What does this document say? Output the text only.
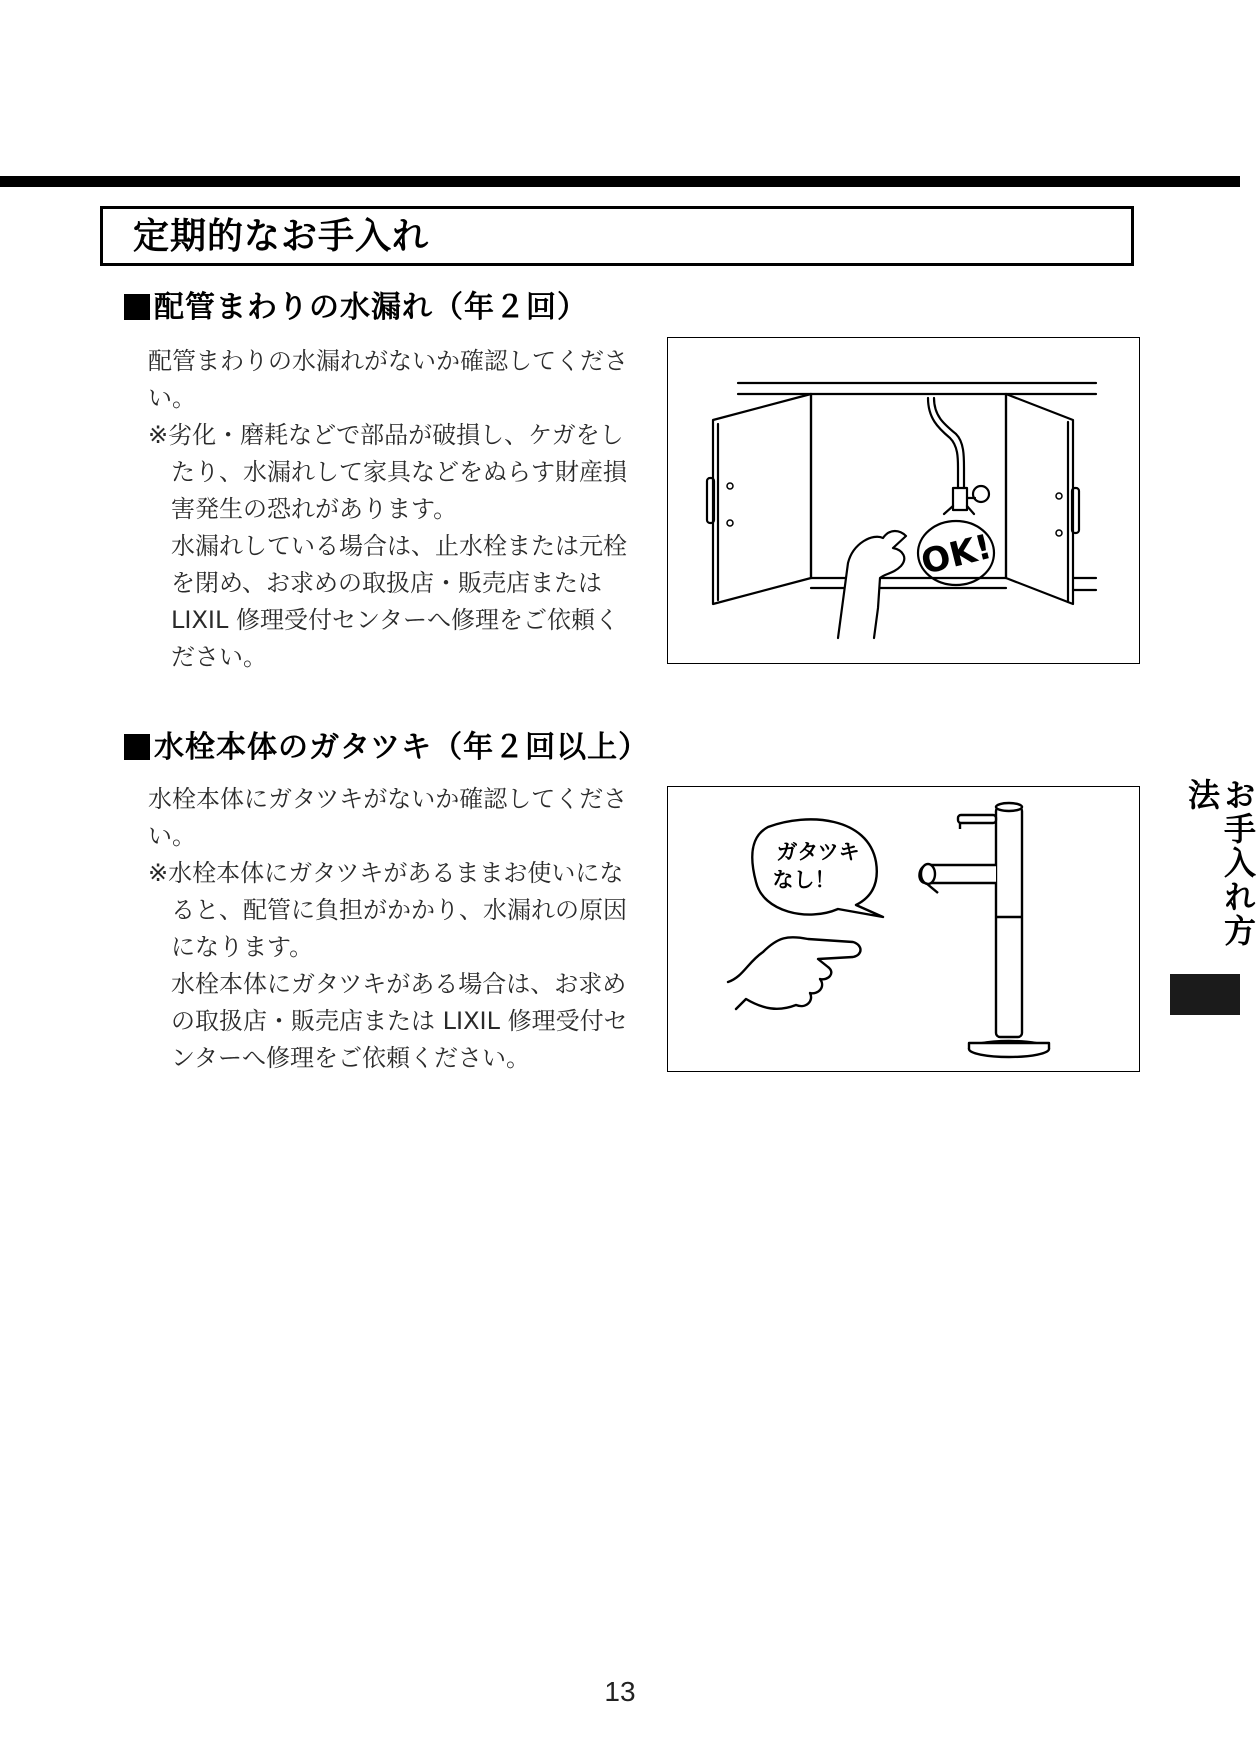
定期的なお手入れ
配管まわりの水漏れ（年２回）

配管まわりの水漏れがないか確認してください。

※劣化・磨耗などで部品が破損し、ケガをしたり、水漏れして家具などをぬらす財産損害発生の恐れがあります。

水漏れしている場合は、止水栓または元栓を閉め、お求めの取扱店・販売店または LIXIL 修理受付センターへ修理をご依頼ください。

OK!
水栓本体のガタツキ（年２回以上）

水栓本体にガタツキがないか確認してください。

※水栓本体にガタツキがあるままお使いになると、配管に負担がかかり、水漏れの原因になります。

水栓本体にガタツキがある場合は、お求めの取扱店・販売店または LIXIL 修理受付センターへ修理をご依頼ください。

ガタツキ
なし！	お手入れ方法
13
